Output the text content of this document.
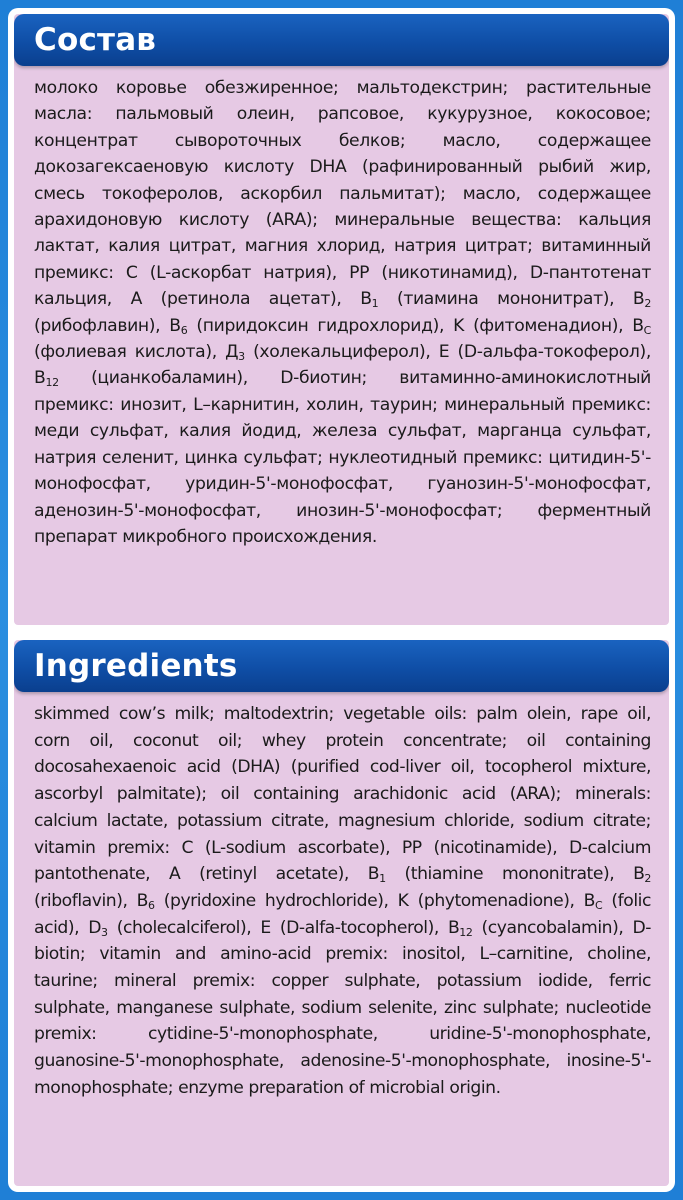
Состав
молоко коровье обезжиренное; мальтодекстрин; растительные масла: пальмовый олеин, рапсовое, кукурузное, кокосовое; концентрат сывороточных белков; масло, содержащее докозагексаеновую кислоту DHA (рафинированный рыбий жир, смесь токоферолов, аскорбил пальмитат); масло, содержащее арахидоновую кислоту (ARA); минеральные вещества: кальция лактат, калия цитрат, магния хлорид, натрия цитрат; витаминный премикс: C (L-аскорбат натрия), PP (никотинамид), D-пантотенат кальция, A (ретинола ацетат), $B_1$ (тиамина мононитрат), $B_2$ (рибофлавин), $B_6$ (пиридоксин гидрохлорид), K (фитоменадион), $B_C$ (фолиевая кислота), $Д_3$ (холекальциферол), E (D-альфа-токоферол), $B_{12}$ (цианкобаламин), D-биотин; витаминно-аминокислотный премикс: инозит, L–карнитин, холин, таурин; минеральный премикс: меди сульфат, калия йодид, железа сульфат, марганца сульфат, натрия селенит, цинка сульфат; нуклеотидный премикс: цитидин-5'-монофосфат, уридин-5'-монофосфат, гуанозин-5'-монофосфат, аденозин-5'-монофосфат, инозин-5'-монофосфат; ферментный препарат микробного происхождения.
Ingredients
skimmed cow’s milk; maltodextrin; vegetable oils: palm olein, rape oil, corn oil, coconut oil; whey protein concentrate; oil containing docosahexaenoic acid (DHA) (purified cod-liver oil, tocopherol mixture, ascorbyl palmitate); oil containing arachidonic acid (ARA); minerals: calcium lactate, potassium citrate, magnesium chloride, sodium citrate; vitamin premix: C (L-sodium ascorbate), PP (nicotinamide), D-calcium pantothenate, A (retinyl acetate), $B_1$ (thiamine mononitrate), $B_2$ (riboflavin), $B_6$ (pyridoxine hydrochloride), K (phytomenadione), $B_C$ (folic acid), $D_3$ (cholecalciferol), E (D-alfa-tocopherol), $B_{12}$ (cyancobalamin), D-biotin; vitamin and amino-acid premix: inositol, L–carnitine, choline, taurine; mineral premix: copper sulphate, potassium iodide, ferric sulphate, manganese sulphate, sodium selenite, zinc sulphate; nucleotide premix: cytidine-5'-monophosphate, uridine-5'-monophosphate, guanosine-5'-monophosphate, adenosine-5'-monophosphate, inosine-5'-monophosphate; enzyme preparation of microbial origin.
